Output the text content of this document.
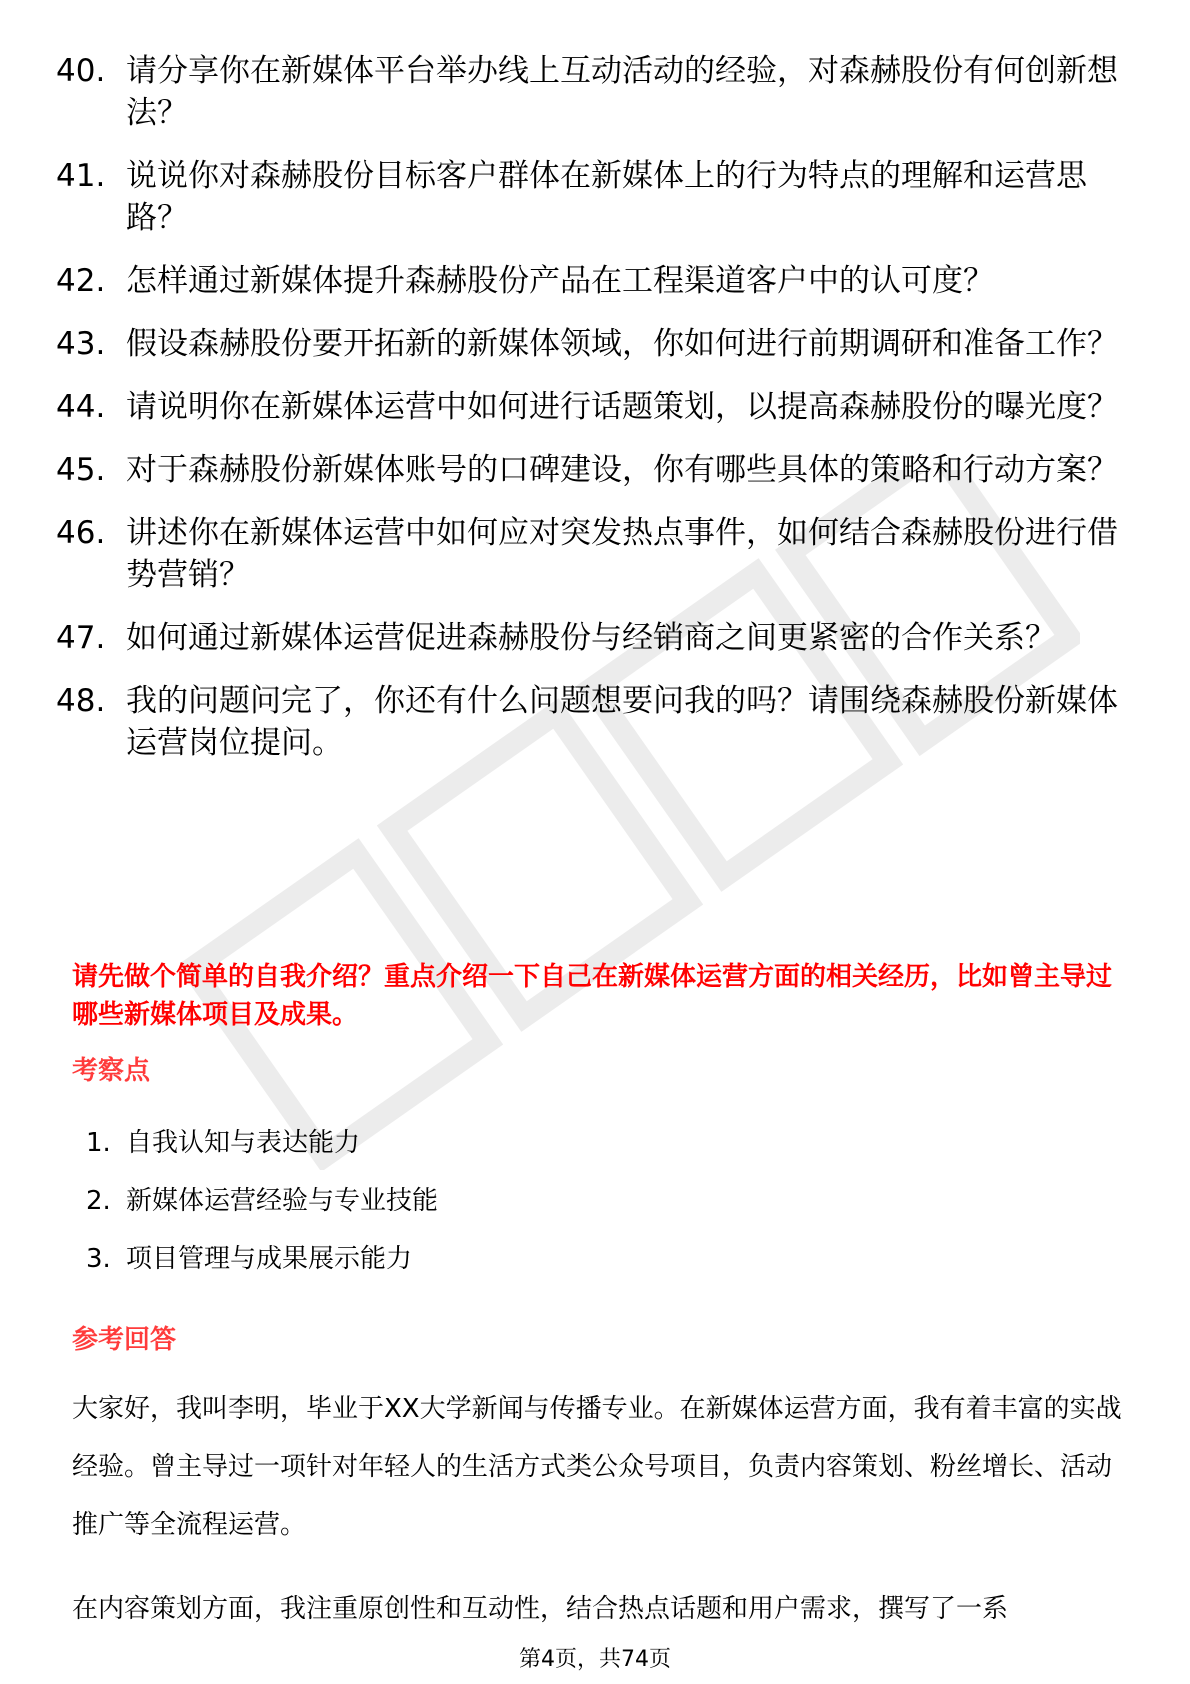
40. 请分享你在新媒体平台举办线上互动活动的经验，对森赫股份有何创新想法？
41. 说说你对森赫股份目标客户群体在新媒体上的行为特点的理解和运营思路？
42. 怎样通过新媒体提升森赫股份产品在工程渠道客户中的认可度？
43. 假设森赫股份要开拓新的新媒体领域，你如何进行前期调研和准备工作？
44. 请说明你在新媒体运营中如何进行话题策划，以提高森赫股份的曝光度？
45. 对于森赫股份新媒体账号的口碑建设，你有哪些具体的策略和行动方案？
46. 讲述你在新媒体运营中如何应对突发热点事件，如何结合森赫股份进行借势营销？
47. 如何通过新媒体运营促进森赫股份与经销商之间更紧密的合作关系？
48. 我的问题问完了，你还有什么问题想要问我的吗？请围绕森赫股份新媒体运营岗位提问。
请先做个简单的自我介绍？重点介绍一下自己在新媒体运营方面的相关经历，比如曾主导过哪些新媒体项目及成果。
考察点
1. 自我认知与表达能力
2. 新媒体运营经验与专业技能
3. 项目管理与成果展示能力
参考回答
大家好，我叫李明，毕业于XX大学新闻与传播专业。在新媒体运营方面，我有着丰富的实战经验。曾主导过一项针对年轻人的生活方式类公众号项目，负责内容策划、粉丝增长、活动推广等全流程运营。
在内容策划方面，我注重原创性和互动性，结合热点话题和用户需求，撰写了一系
第4页，共74页
